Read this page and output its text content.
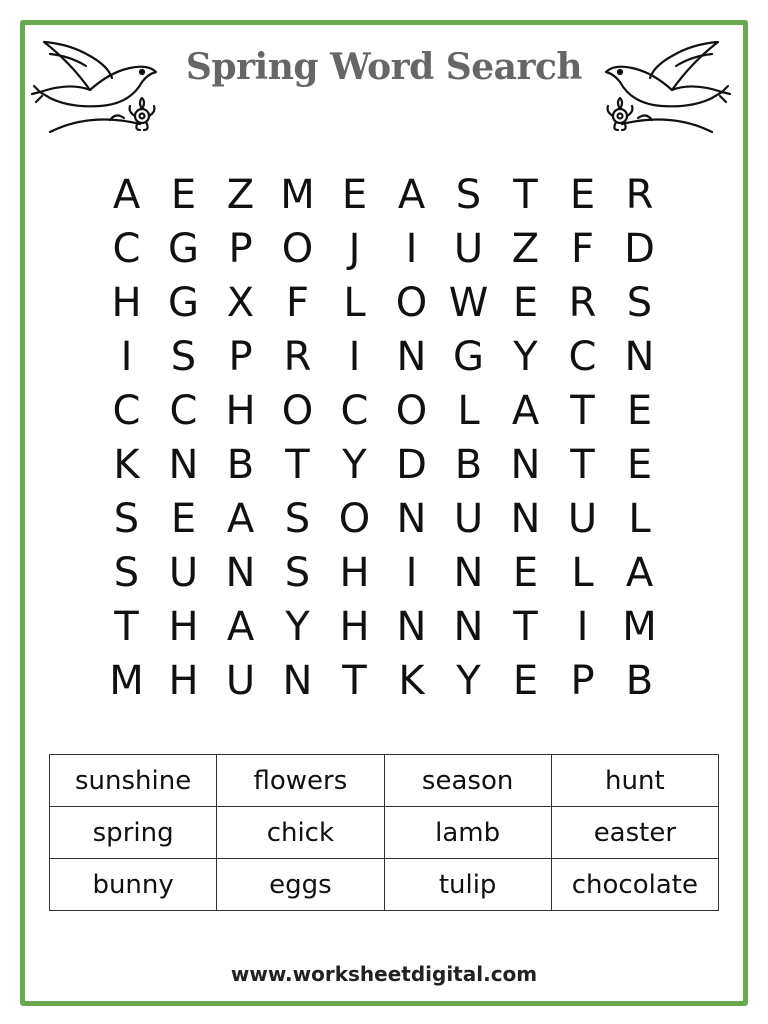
Spring Word Search
A E Z M E A S T E R
C G P O J	I U Z F D
H G X F L O W E R S
I S P R I N G Y C N
C C H O C O L A T E
K N B T Y D B N T E
S E A S O N U N U L
S U N S H I N E L A
T H A Y H N N T I M
M H U N T K Y E P B
sunshine	flowers	season	hunt
spring	chick	lamb	easter
bunny	eggs	tulip	chocolate
www.worksheetdigital.com
